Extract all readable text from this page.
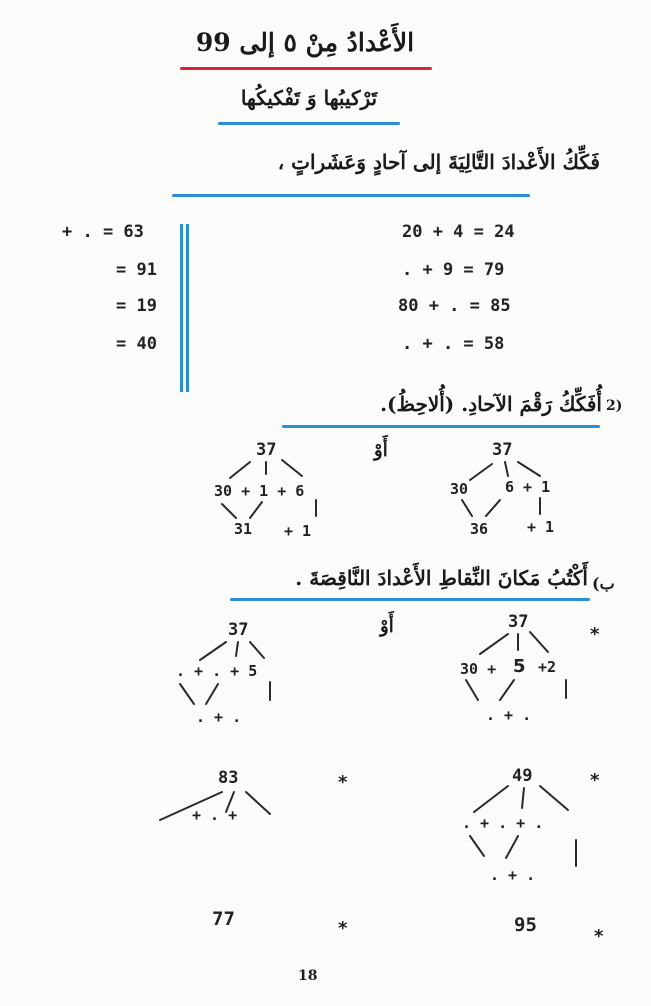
الأَعْدادُ مِنْ ٥ إلى 99
تَرْكيبُها وَ تَفْكيكُها
فَكِّكُ الأَعْدادَ التَّالِيَةَ إلى آحادٍ وَعَشَراتٍ ،
20 + 4 = 24
. + 9 = 79
80 + . = 85
. + . = 58
+ . = 63
= 91
= 19
= 40
2)
أُفَكِّكُ رَقْمَ الآحادِ. (أُلاحِظُ).
أَوْ	37
30 6 + 1
36	+ 1
37
30 + 1 + 6
31 + 1
ب)
أَكْتُبُ مَكانَ النِّقاطِ الأَعْدادَ النَّاقِصَةَ .
أَوْ	37
30 + 5 +2
. + .
37
. + . + 5
. + .
83
+ . +
49
. + . + .
. + .
77	95
*
*	*
*	*
18
